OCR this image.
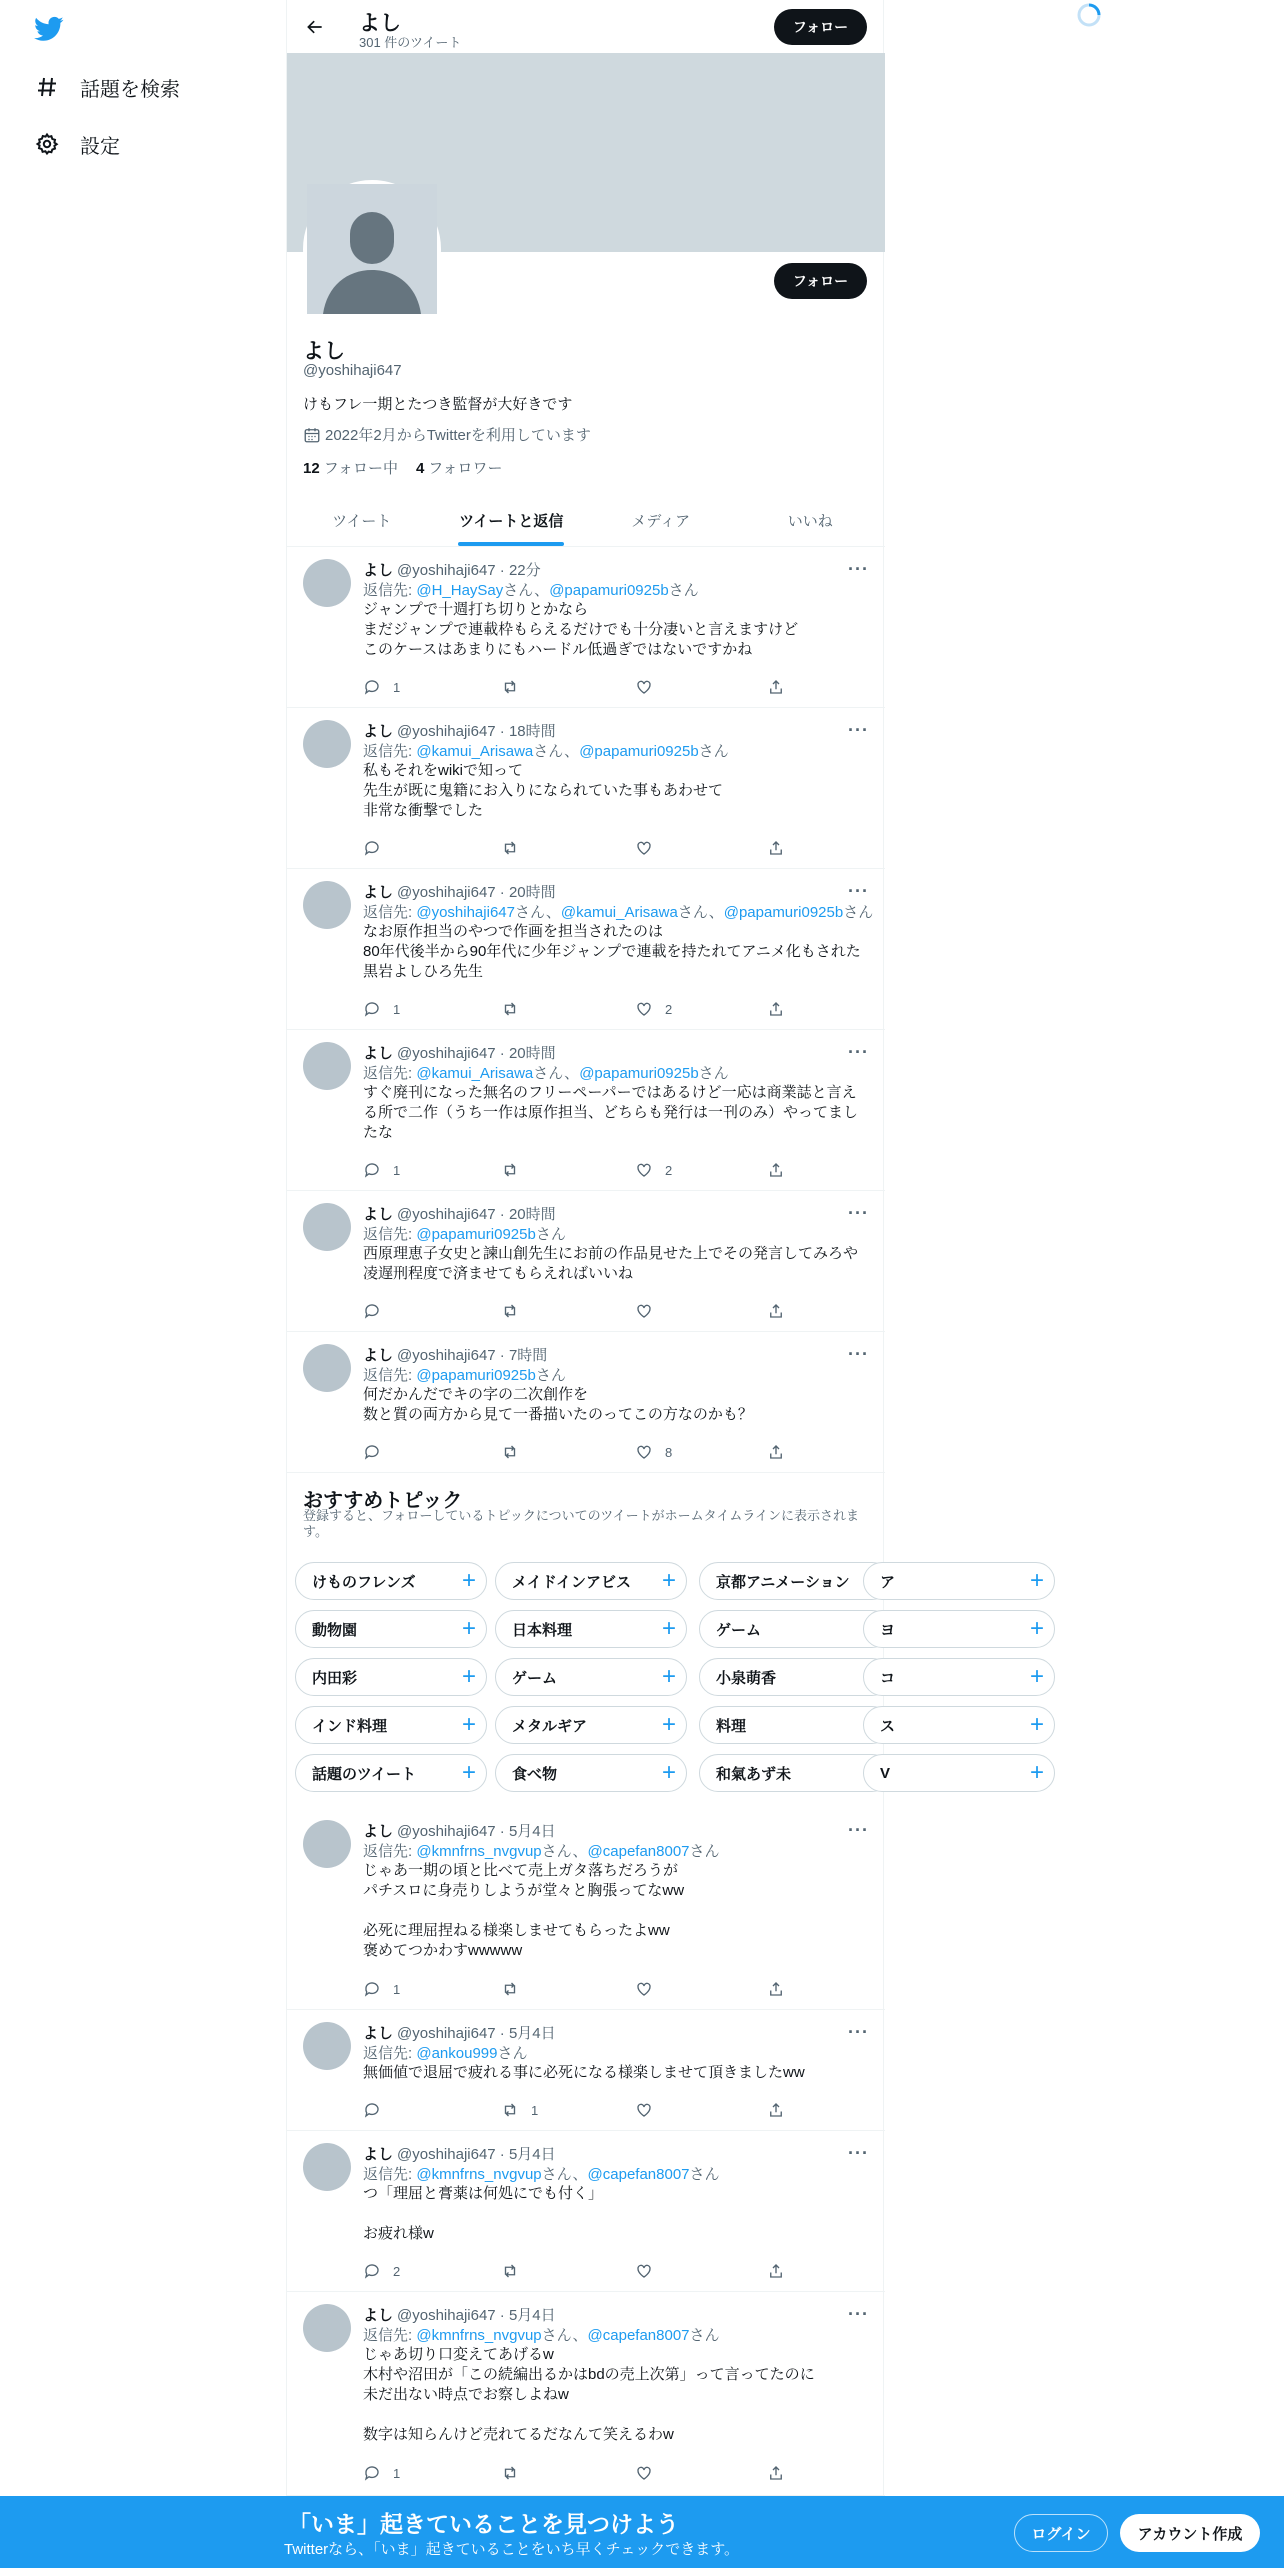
話題を検索
設定
よし
301 件のツイート
フォロー
フォロー
よし
@yoshihaji647
けもフレ一期とたつき監督が大好きです
2022年2月からTwitterを利用しています
12 フォロー中 4 フォロワー
ツイート	ツイートと返信	メディア	いいね
よし @yoshihaji647 · 22分	···
返信先: @H_HaySayさん、@papamuri0925bさん
ジャンプで十週打ち切りとかなら
まだジャンプで連載枠もらえるだけでも十分凄いと言えますけど
このケースはあまりにもハードル低過ぎではないですかね
1
よし @yoshihaji647 · 18時間	···
返信先: @kamui_Arisawaさん、@papamuri0925bさん
私もそれをwikiで知って
先生が既に鬼籍にお入りになられていた事もあわせて
非常な衝撃でした
よし @yoshihaji647 · 20時間	···
返信先: @yoshihaji647さん、@kamui_Arisawaさん、@papamuri0925bさん
なお原作担当のやつで作画を担当されたのは
80年代後半から90年代に少年ジャンプで連載を持たれてアニメ化もされた
黒岩よしひろ先生
1	2
よし @yoshihaji647 · 20時間	···
返信先: @kamui_Arisawaさん、@papamuri0925bさん
すぐ廃刊になった無名のフリーペーパーではあるけど一応は商業誌と言える所で二作（うち一作は原作担当、どちらも発行は一刊のみ）やってましたな
1	2
よし @yoshihaji647 · 20時間	···
返信先: @papamuri0925bさん
西原理恵子女史と諫山創先生にお前の作品見せた上でその発言してみろや
凌遅刑程度で済ませてもらえればいいね
よし @yoshihaji647 · 7時間	···
返信先: @papamuri0925bさん
何だかんだでキの字の二次創作を
数と質の両方から見て一番描いたのってこの方なのかも？
8
よし @yoshihaji647 · 5月4日	···
返信先: @kmnfrns_nvgvupさん、@capefan8007さん
じゃあ一期の頃と比べて売上ガタ落ちだろうが
パチスロに身売りしようが堂々と胸張ってなww

必死に理屈捏ねる様楽しませてもらったよww
褒めてつかわすwwwww
1
よし @yoshihaji647 · 5月4日	···
返信先: @ankou999さん
無価値で退屈で疲れる事に必死になる様楽しませて頂きましたww
1
よし @yoshihaji647 · 5月4日	···
返信先: @kmnfrns_nvgvupさん、@capefan8007さん
つ「理屈と膏薬は何処にでも付く」

お疲れ様w
2
よし @yoshihaji647 · 5月4日	···
返信先: @kmnfrns_nvgvupさん、@capefan8007さん
じゃあ切り口変えてあげるw
木村や沼田が「この続編出るかはbdの売上次第」って言ってたのに
未だ出ない時点でお察しよねw

数字は知らんけど売れてるだなんて笑えるわw
1
おすすめトピック
登録すると、フォローしているトピックについてのツイートがホームタイムラインに表示されます。
けものフレンズ + メイドインアビス +	京都アニメーション ア	+
動物園	+ 日本料理	+	ゲーム	ヨ	+
内田彩	+ ゲーム	+	小泉萌香	コ	+
インド料理	+ メタルギア	+	料理	ス	+
話題のツイート + 食べ物	+	和氣あず未	V	+
「いま」起きていることを見つけよう
Twitterなら、「いま」起きていることをいち早くチェックできます。
ログイン	アカウント作成
